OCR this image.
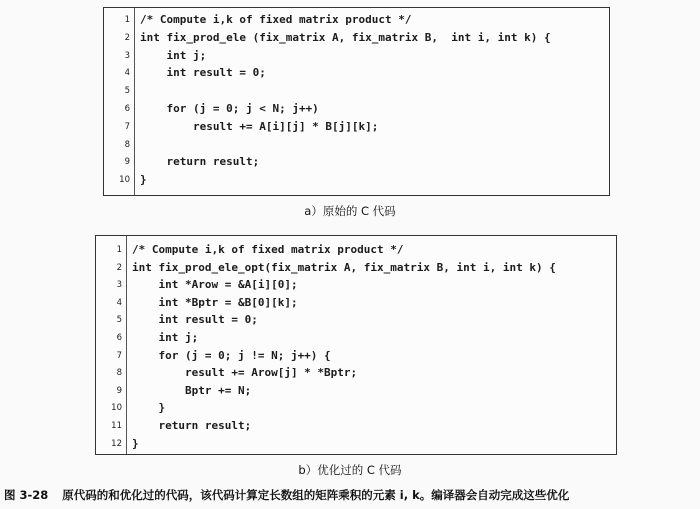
1 /* Compute i,k of fixed matrix product */
2 int fix_prod_ele (fix_matrix A, fix_matrix B,  int i, int k) {
3 int j;
4 int result = 0;
5
6 for (j = 0; j < N; j++)
7 result += A[i][j] * B[j][k];
8
9 return result;
10 }
a）原始的 C 代码
1 /* Compute i,k of fixed matrix product */
2 int fix_prod_ele_opt(fix_matrix A, fix_matrix B, int i, int k) {
3 int *Arow = &A[i][0];
4 int *Bptr = &B[0][k];
5 int result = 0;
6 int j;
7 for (j = 0; j != N; j++) {
8 result += Arow[j] * *Bptr;
9 Bptr += N;
10 }
11 return result;
12 }
b）优化过的 C 代码
图 3-28 原代码的和优化过的代码，该代码计算定长数组的矩阵乘积的元素 i, k。编译器会自动完成这些优化
